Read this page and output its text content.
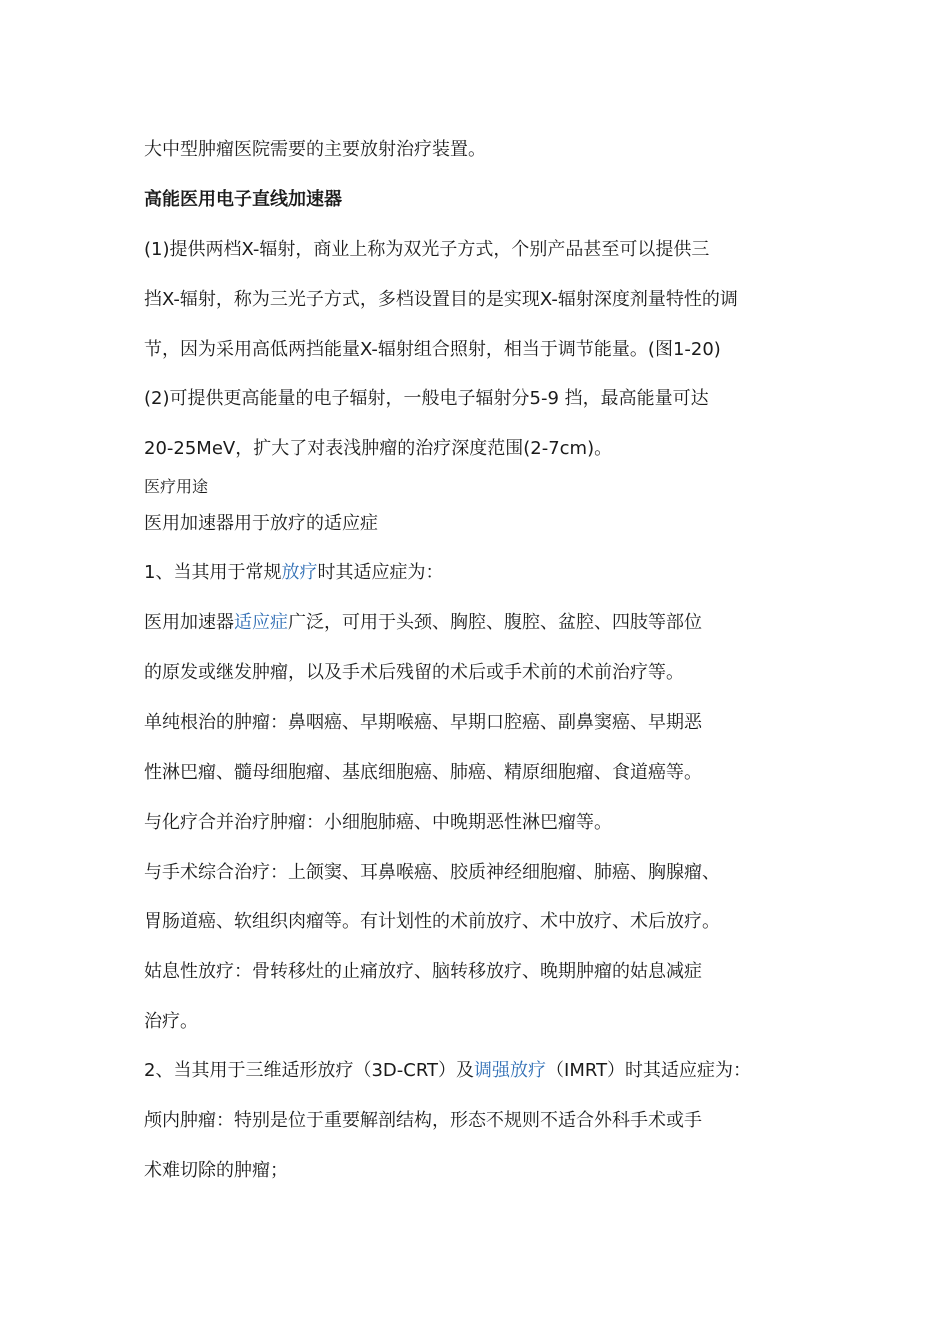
大中型肿瘤医院需要的主要放射治疗装置。

高能医用电子直线加速器

(1)提供两档X-辐射，商业上称为双光子方式，个别产品甚至可以提供三

挡X-辐射，称为三光子方式，多档设置目的是实现X-辐射深度剂量特性的调

节，因为采用高低两挡能量X-辐射组合照射，相当于调节能量。(图1-20)

(2)可提供更高能量的电子辐射，一般电子辐射分5-9 挡，最高能量可达

20-25MeV，扩大了对表浅肿瘤的治疗深度范围(2-7cm)。

医疗用途

医用加速器用于放疗的适应症

1、当其用于常规放疗时其适应症为：

医用加速器适应症广泛，可用于头颈、胸腔、腹腔、盆腔、四肢等部位

的原发或继发肿瘤，以及手术后残留的术后或手术前的术前治疗等。

单纯根治的肿瘤：鼻咽癌、早期喉癌、早期口腔癌、副鼻窦癌、早期恶

性淋巴瘤、髓母细胞瘤、基底细胞癌、肺癌、精原细胞瘤、食道癌等。

与化疗合并治疗肿瘤：小细胞肺癌、中晚期恶性淋巴瘤等。

与手术综合治疗：上颌窦、耳鼻喉癌、胶质神经细胞瘤、肺癌、胸腺瘤、

胃肠道癌、软组织肉瘤等。有计划性的术前放疗、术中放疗、术后放疗。

姑息性放疗：骨转移灶的止痛放疗、脑转移放疗、晚期肿瘤的姑息减症

治疗。

2、当其用于三维适形放疗（3D-CRT）及调强放疗（IMRT）时其适应症为：

颅内肿瘤：特别是位于重要解剖结构，形态不规则不适合外科手术或手

术难切除的肿瘤；
